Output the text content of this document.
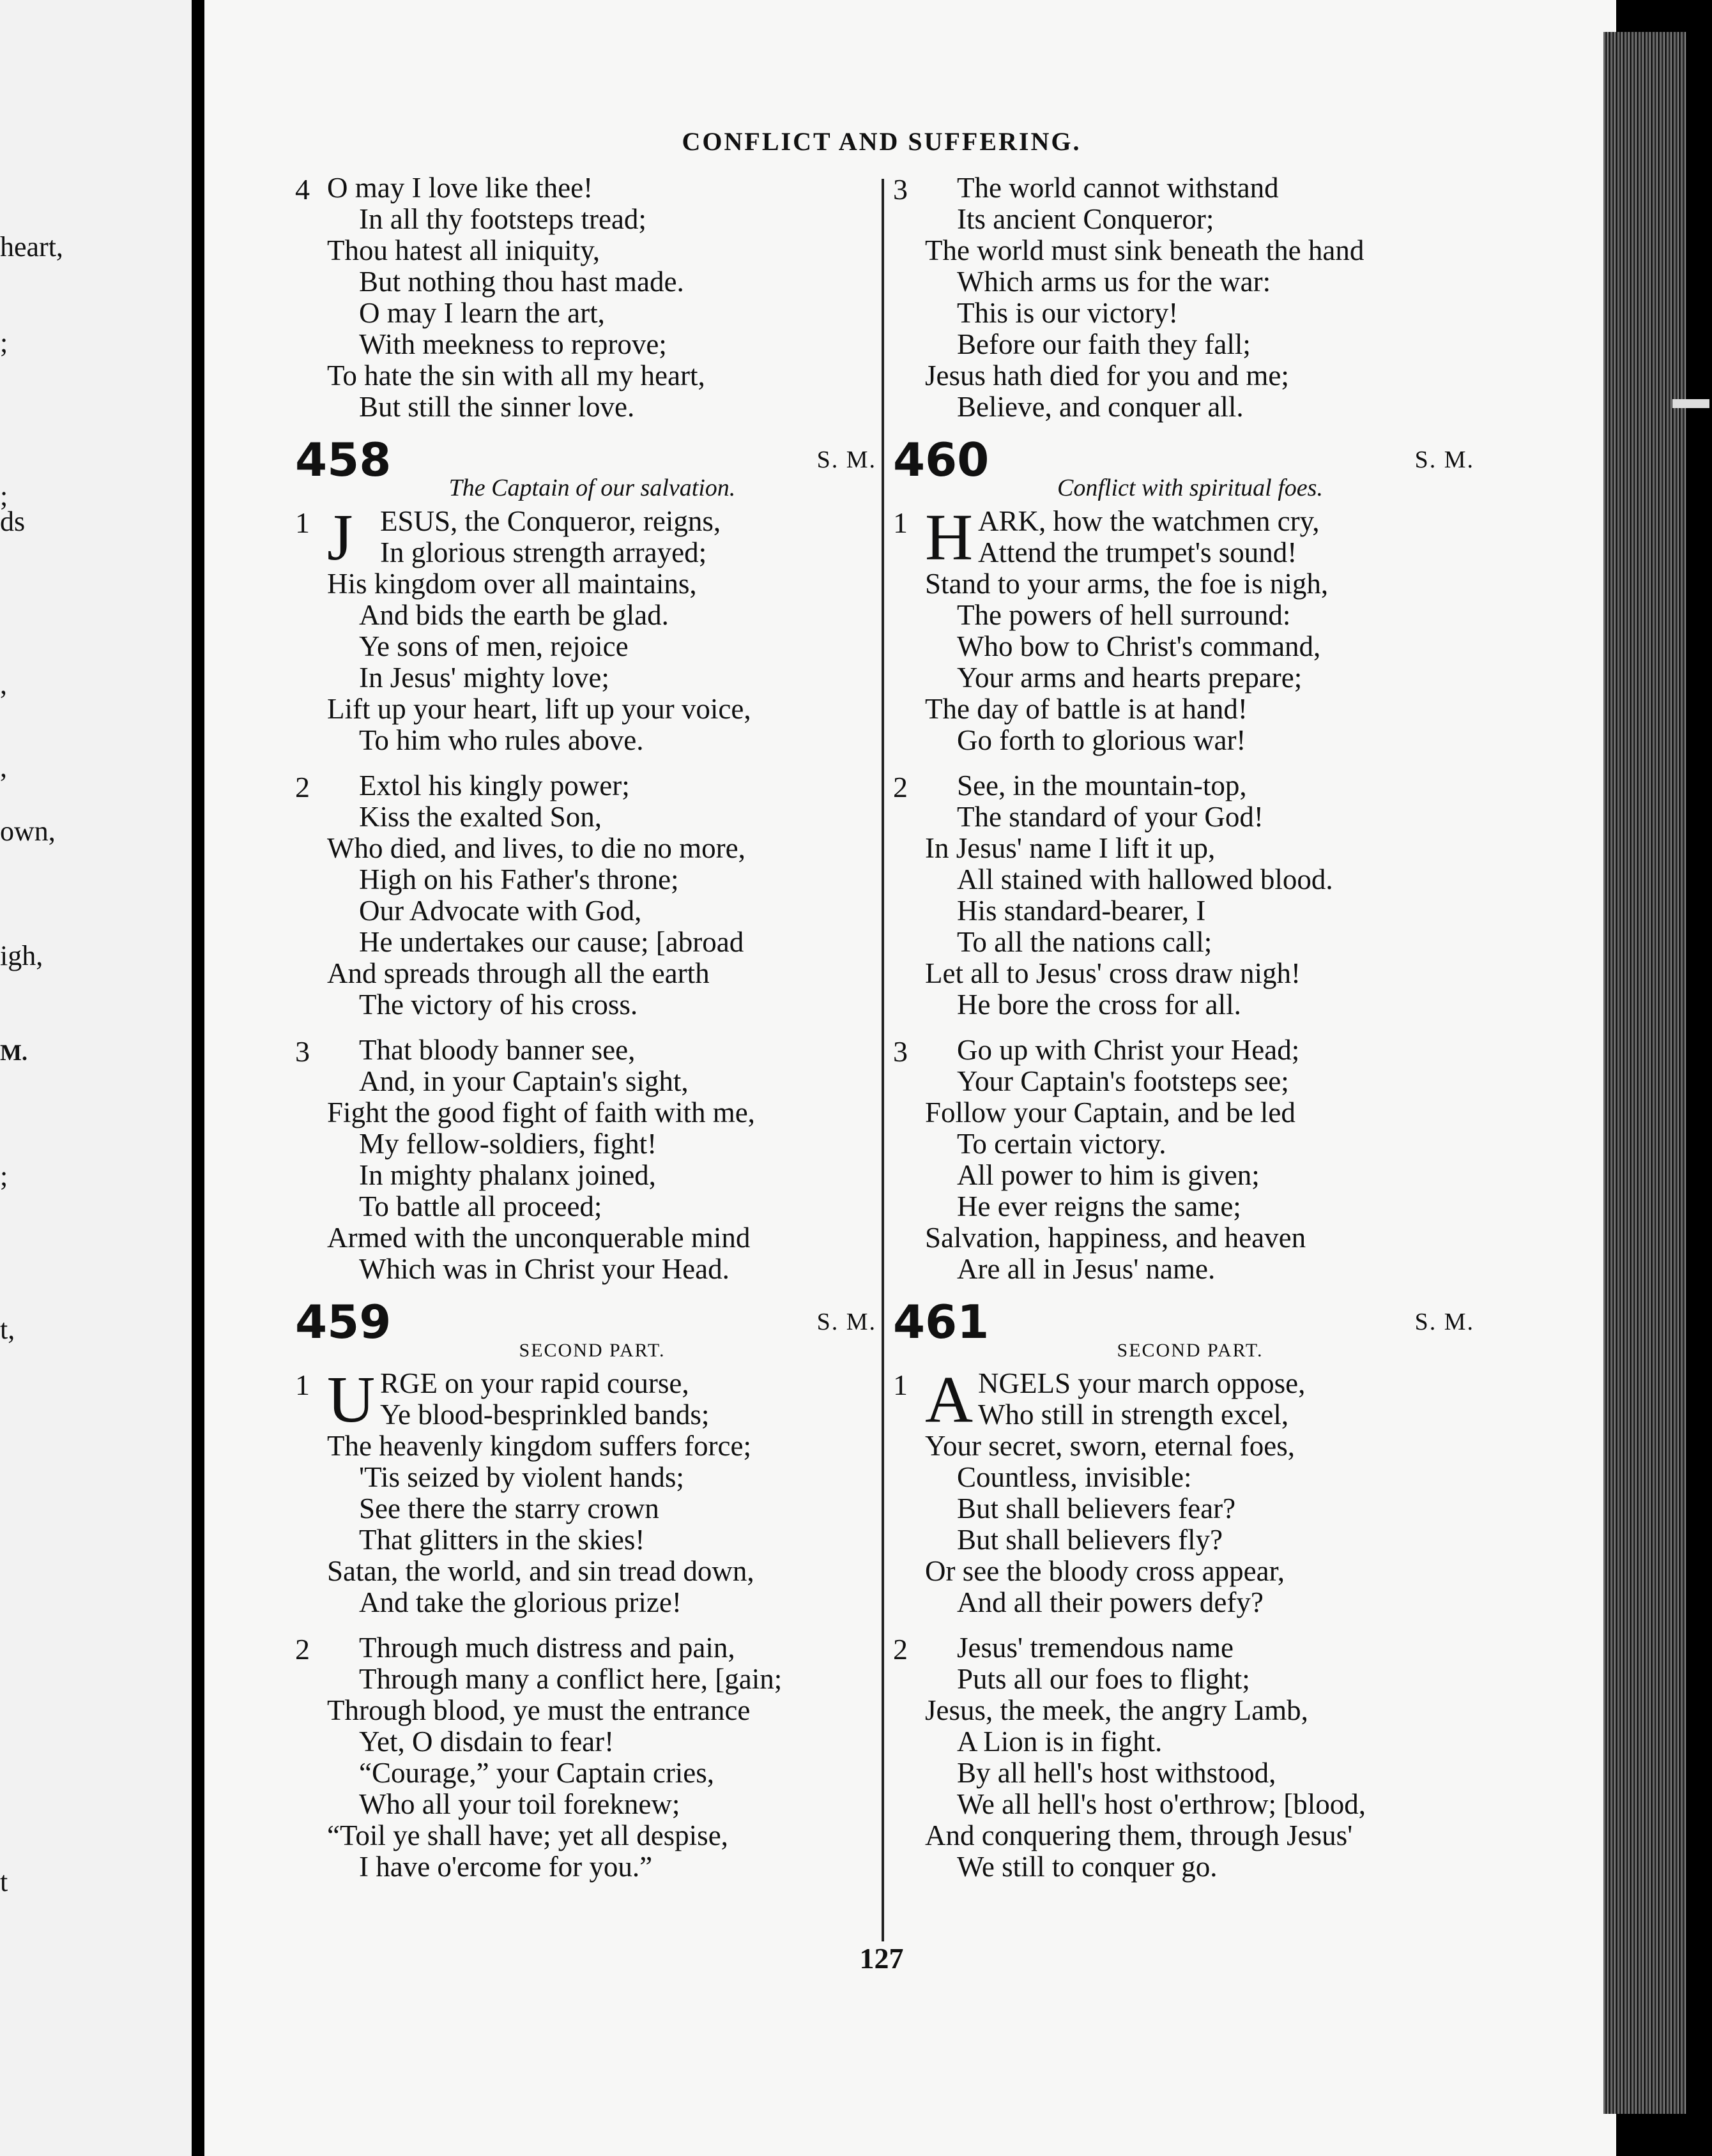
heart,
;
;
ds
,
,
own,
igh,
M.
;
t,
t
CONFLICT AND SUFFERING.
4 O may I love like thee!
In all thy footsteps tread;
Thou hatest all iniquity,
But nothing thou hast made.
O may I learn the art,
With meekness to reprove;
To hate the sin with all my heart,
But still the sinner love.
458	S. M.
The Captain of our salvation.
1 J ESUS, the Conqueror, reigns,
In glorious strength arrayed;
His kingdom over all maintains,
And bids the earth be glad.
Ye sons of men, rejoice
In Jesus' mighty love;
Lift up your heart, lift up your voice,
To him who rules above.
2	Extol his kingly power;
Kiss the exalted Son,
Who died, and lives, to die no more,
High on his Father's throne;
Our Advocate with God,
He undertakes our cause; [abroad
And spreads through all the earth
The victory of his cross.
3	That bloody banner see,
And, in your Captain's sight,
Fight the good fight of faith with me,
My fellow-soldiers, fight!
In mighty phalanx joined,
To battle all proceed;
Armed with the unconquerable mind
Which was in Christ your Head.
459	S. M.
SECOND PART.
1 U RGE on your rapid course,
Ye blood-besprinkled bands;
The heavenly kingdom suffers force;
'Tis seized by violent hands;
See there the starry crown
That glitters in the skies!
Satan, the world, and sin tread down,
And take the glorious prize!
2	Through much distress and pain,
Through many a conflict here, [gain;
Through blood, ye must the entrance
Yet, O disdain to fear!
“Courage,” your Captain cries,
Who all your toil foreknew;
“Toil ye shall have; yet all despise,
I have o'ercome for you.”
3	The world cannot withstand
Its ancient Conqueror;
The world must sink beneath the hand
Which arms us for the war:
This is our victory!
Before our faith they fall;
Jesus hath died for you and me;
Believe, and conquer all.
460	S. M.
Conflict with spiritual foes.
1 H ARK, how the watchmen cry,
Attend the trumpet's sound!
Stand to your arms, the foe is nigh,
The powers of hell surround:
Who bow to Christ's command,
Your arms and hearts prepare;
The day of battle is at hand!
Go forth to glorious war!
2	See, in the mountain-top,
The standard of your God!
In Jesus' name I lift it up,
All stained with hallowed blood.
His standard-bearer, I
To all the nations call;
Let all to Jesus' cross draw nigh!
He bore the cross for all.
3	Go up with Christ your Head;
Your Captain's footsteps see;
Follow your Captain, and be led
To certain victory.
All power to him is given;
He ever reigns the same;
Salvation, happiness, and heaven
Are all in Jesus' name.
461	S. M.
SECOND PART.
1 A NGELS your march oppose,
Who still in strength excel,
Your secret, sworn, eternal foes,
Countless, invisible:
But shall believers fear?
But shall believers fly?
Or see the bloody cross appear,
And all their powers defy?
2	Jesus' tremendous name
Puts all our foes to flight;
Jesus, the meek, the angry Lamb,
A Lion is in fight.
By all hell's host withstood,
We all hell's host o'erthrow; [blood,
And conquering them, through Jesus'
We still to conquer go.
127
